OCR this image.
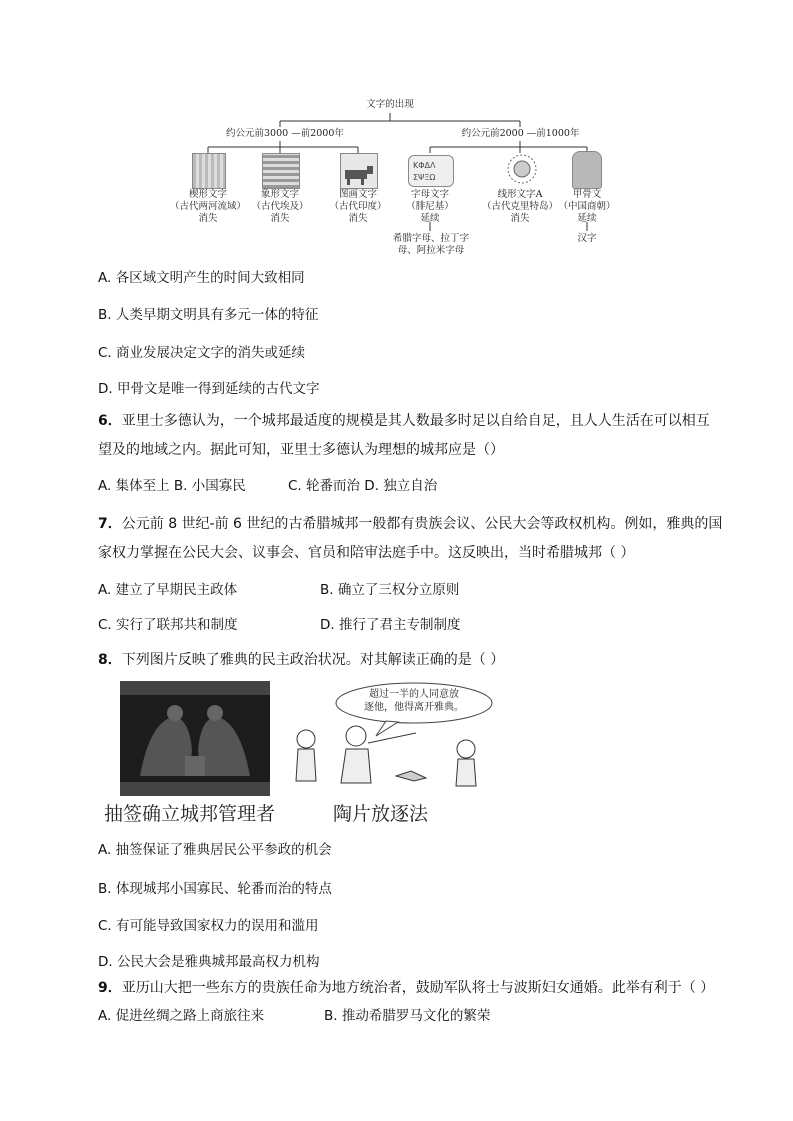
文字的出现
约公元前3000 —前2000年	约公元前2000 —前1000年
ΚΦΔΛ
ΣΨΞΩ
楔形文字
（古代两河流域）
消失
象形文字
（古代埃及）
消失
图画文字
（古代印度）
消失
字母文字
（腓尼基）
延续
线形文字A
（古代克里特岛）
消失
甲骨文
（中国商朝）
延续
希腊字母、拉丁字
母、阿拉米字母
汉字
A. 各区域文明产生的时间大致相同
B. 人类早期文明具有多元一体的特征
C. 商业发展决定文字的消失或延续
D. 甲骨文是唯一得到延续的古代文字
6．亚里士多德认为，一个城邦最适度的规模是其人数最多时足以自给自足，且人人生活在可以相互
望及的地域之内。据此可知，亚里士多德认为理想的城邦应是（）
A. 集体至上 B. 小国寡民	C. 轮番而治 D. 独立自治
7．公元前 8 世纪-前 6 世纪的古希腊城邦一般都有贵族会议、公民大会等政权机构。例如，雅典的国
家权力掌握在公民大会、议事会、官员和陪审法庭手中。这反映出，当时希腊城邦（ ）
A. 建立了早期民主政体	B. 确立了三权分立原则
C. 实行了联邦共和制度	D. 推行了君主专制制度
8．下列图片反映了雅典的民主政治状况。对其解读正确的是（ ）
超过一半的人同意放
逐他，他得离开雅典。
抽签确立城邦管理者	陶片放逐法
A. 抽签保证了雅典居民公平参政的机会
B. 体现城邦小国寡民、轮番而治的特点
C. 有可能导致国家权力的误用和滥用
D. 公民大会是雅典城邦最高权力机构
9．亚历山大把一些东方的贵族任命为地方统治者，鼓励军队将士与波斯妇女通婚。此举有利于（ ）
A. 促进丝绸之路上商旅往来	B. 推动希腊罗马文化的繁荣
